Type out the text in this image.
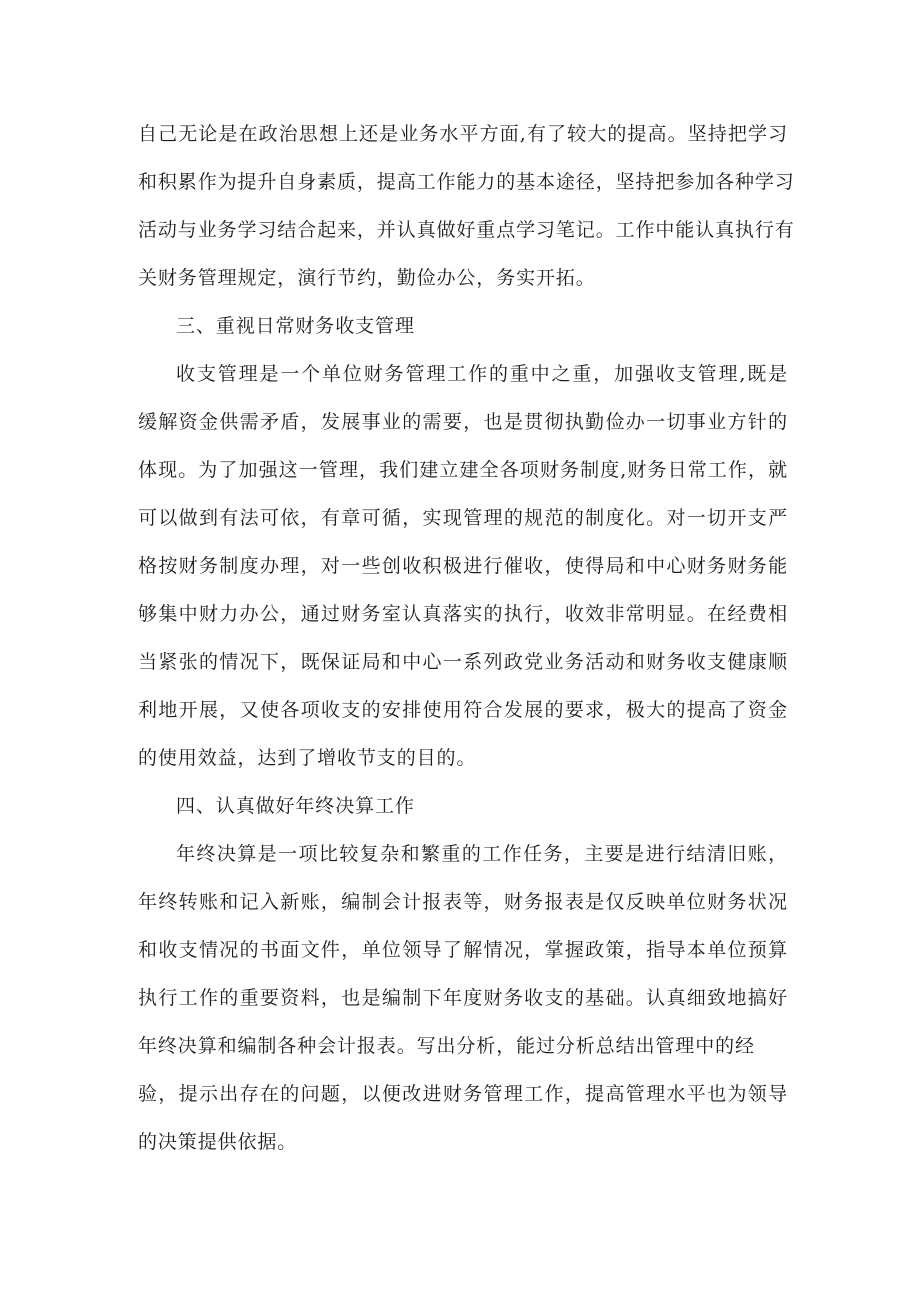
自己无论是在政治思想上还是业务水平方面,有了较大的提高。坚持把学习
和积累作为提升自身素质，提高工作能力的基本途径，坚持把参加各种学习
活动与业务学习结合起来，并认真做好重点学习笔记。工作中能认真执行有
关财务管理规定，演行节约，勤俭办公，务实开拓。
三、重视日常财务收支管理
收支管理是一个单位财务管理工作的重中之重，加强收支管理,既是
缓解资金供需矛盾，发展事业的需要，也是贯彻执勤俭办一切事业方针的
体现。为了加强这一管理，我们建立建全各项财务制度,财务日常工作，就
可以做到有法可依，有章可循，实现管理的规范的制度化。对一切开支严
格按财务制度办理，对一些创收积极进行催收，使得局和中心财务财务能
够集中财力办公，通过财务室认真落实的执行，收效非常明显。在经费相
当紧张的情况下，既保证局和中心一系列政党业务活动和财务收支健康顺
利地开展，又使各项收支的安排使用符合发展的要求，极大的提高了资金
的使用效益，达到了增收节支的目的。
四、认真做好年终决算工作
年终决算是一项比较复杂和繁重的工作任务，主要是进行结清旧账，
年终转账和记入新账，编制会计报表等，财务报表是仅反映单位财务状况
和收支情况的书面文件，单位领导了解情况，掌握政策，指导本单位预算
执行工作的重要资料，也是编制下年度财务收支的基础。认真细致地搞好
年终决算和编制各种会计报表。写出分析，能过分析总结出管理中的经
验，提示出存在的问题，以便改进财务管理工作，提高管理水平也为领导
的决策提供依据。
